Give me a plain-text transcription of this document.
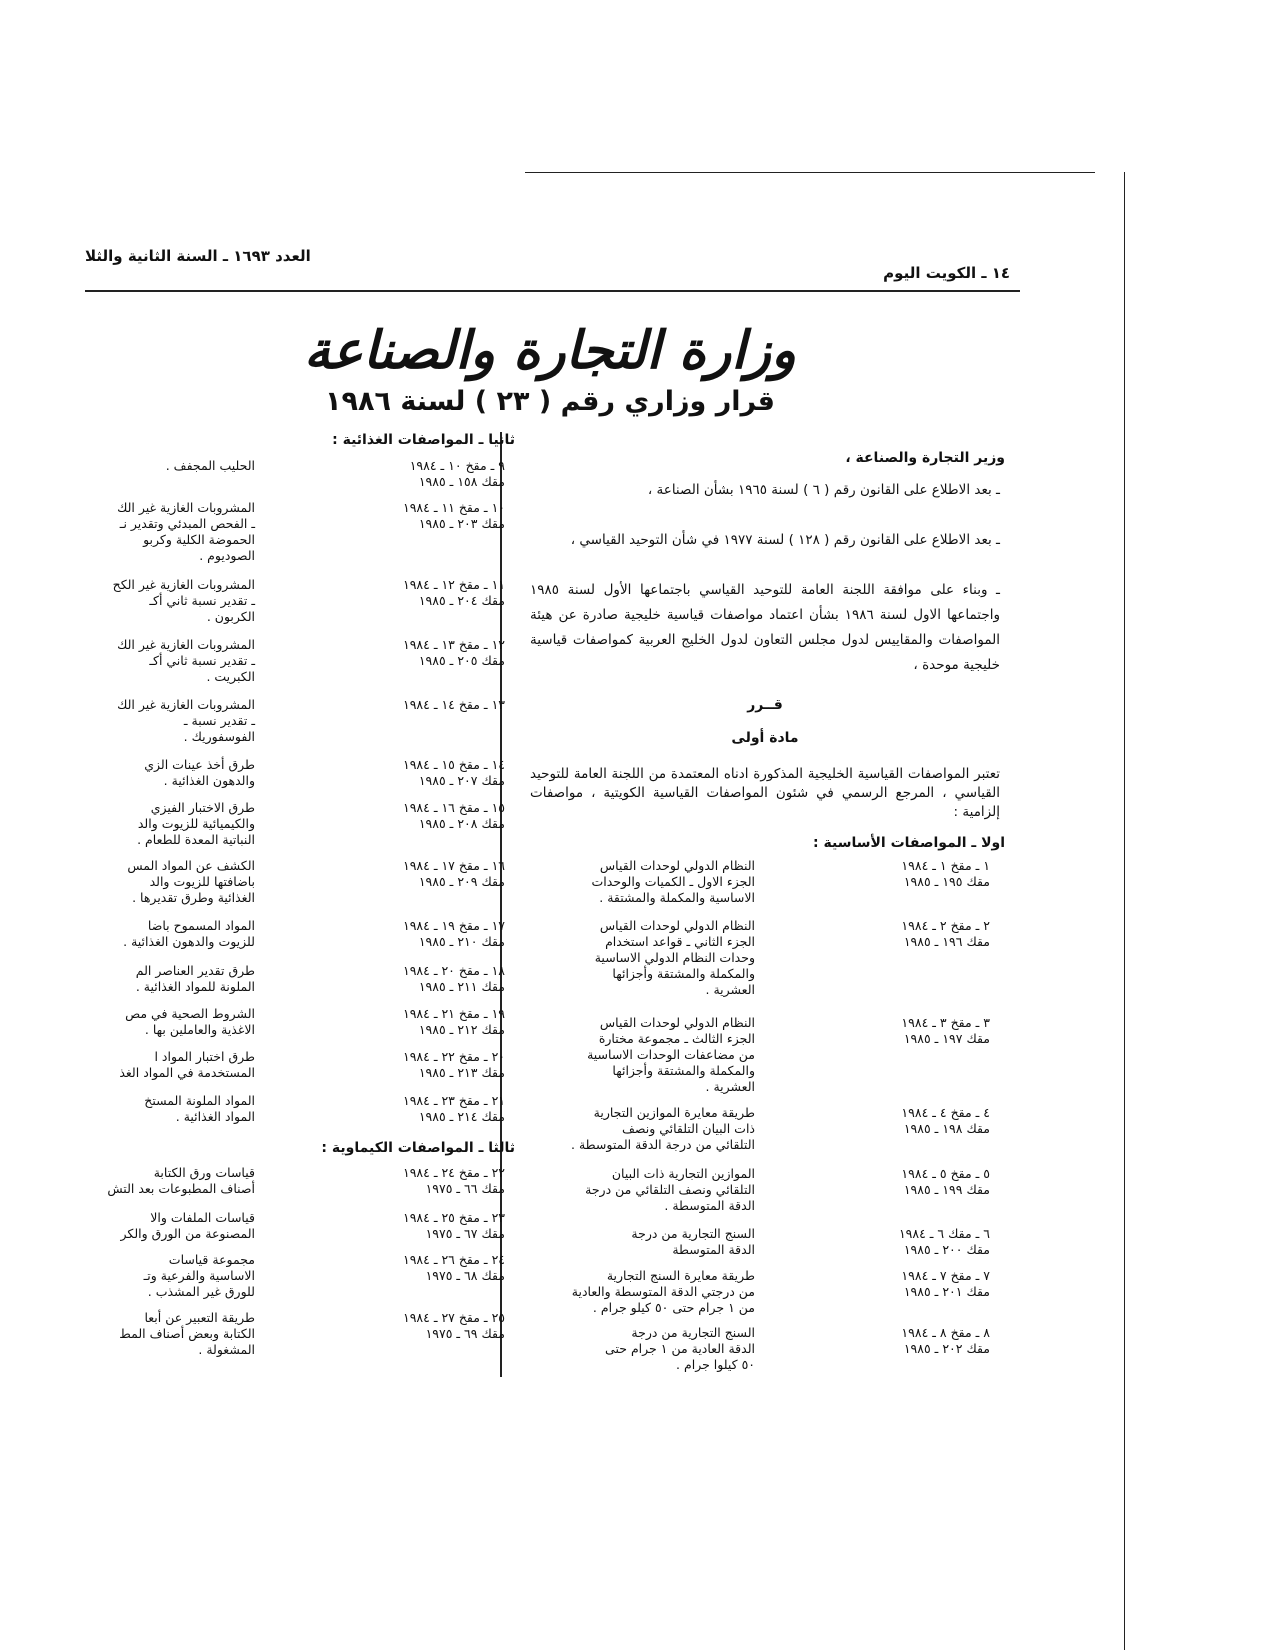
١٤ ـ الكويت اليوم
العدد ١٦٩٣ ـ السنة الثانية والثلا
وزارة التجارة والصناعة
قرار وزاري رقم ( ٢٣ ) لسنة ١٩٨٦
وزير التجارة والصناعة ،
ـ بعد الاطلاع على القانون رقم ( ٦ ) لسنة ١٩٦٥ بشأن الصناعة ،
ـ بعد الاطلاع على القانون رقم ( ١٢٨ ) لسنة ١٩٧٧ في شأن التوحيد القياسي ،
ـ وبناء على موافقة اللجنة العامة للتوحيد القياسي باجتماعها الأول لسنة ١٩٨٥ واجتماعها الاول لسنة ١٩٨٦ بشأن اعتماد مواصفات قياسية خليجية صادرة عن هيئة المواصفات والمقاييس لدول مجلس التعاون لدول الخليج العربية كمواصفات قياسية خليجية موحدة ،
قــرر
مادة أولى
تعتبر المواصفات القياسية الخليجية المذكورة ادناه المعتمدة من اللجنة العامة للتوحيد القياسي ، المرجع الرسمي في شئون المواصفات القياسية الكويتية ، مواصفات إلزامية :
اولا ـ المواصفات الأساسية :
١ ـ مقخ ١ ـ ١٩٨٤
مقك ١٩٥ ـ ١٩٨٥
النظام الدولي لوحدات القياس
الجزء الاول ـ الكميات والوحدات
الاساسية والمكملة والمشتقة .
٢ ـ مقخ ٢ ـ ١٩٨٤
مقك ١٩٦ ـ ١٩٨٥
النظام الدولي لوحدات القياس
الجزء الثاني ـ قواعد استخدام
وحدات النظام الدولي الاساسية
والمكملة والمشتقة وأجزائها
العشرية .
٣ ـ مقخ ٣ ـ ١٩٨٤
مقك ١٩٧ ـ ١٩٨٥
النظام الدولي لوحدات القياس
الجزء الثالث ـ مجموعة مختارة
من مضاعفات الوحدات الاساسية
والمكملة والمشتقة وأجزائها
العشرية .
٤ ـ مقخ ٤ ـ ١٩٨٤
مقك ١٩٨ ـ ١٩٨٥
طريقة معايرة الموازين التجارية
ذات البيان التلقائي ونصف
التلقائي من درجة الدقة المتوسطة .
٥ ـ مقخ ٥ ـ ١٩٨٤
مقك ١٩٩ ـ ١٩٨٥
الموازين التجارية ذات البيان
التلقائي ونصف التلقائي من درجة
الدقة المتوسطة .
٦ ـ مقك ٦ ـ ١٩٨٤
مقك ٢٠٠ ـ ١٩٨٥
السنج التجارية من درجة
الدقة المتوسطة
٧ ـ مقخ ٧ ـ ١٩٨٤
مقك ٢٠١ ـ ١٩٨٥
طريقة معايرة السنج التجارية
من درجتي الدقة المتوسطة والعادية
من ١ جرام حتى ٥٠ كيلو جرام .
٨ ـ مقخ ٨ ـ ١٩٨٤
مقك ٢٠٢ ـ ١٩٨٥
السنج التجارية من درجة
الدقة العادية من ١ جرام حتى
٥٠ كيلوا جرام .
ثانيا ـ المواصفات الغذائية :
٩ ـ مقخ ١٠ ـ ١٩٨٤
مقك ١٥٨ ـ ١٩٨٥
الحليب المجفف .
١٠ ـ مقخ ١١ ـ ١٩٨٤
مقك ٢٠٣ ـ ١٩٨٥
المشروبات الغازية غير الك
ـ الفحص المبدئي وتقدير نـ
الحموضة الكلية وكربو
الصوديوم .
١١ ـ مقخ ١٢ ـ ١٩٨٤
مقك ٢٠٤ ـ ١٩٨٥
المشروبات الغازية غير الكح
ـ تقدير نسبة ثاني أكـ
الكربون .
١٢ ـ مقخ ١٣ ـ ١٩٨٤
مقك ٢٠٥ ـ ١٩٨٥
المشروبات الغازية غير الك
ـ تقدير نسبة ثاني أكـ
الكبريت .
١٣ ـ مقخ ١٤ ـ ١٩٨٤
المشروبات الغازية غير الك
ـ تقدير نسبة ـ
الفوسفوريك .
١٤ ـ مقخ ١٥ ـ ١٩٨٤
مقك ٢٠٧ ـ ١٩٨٥
طرق أخذ عينات الزي
والدهون الغذائية .
١٥ ـ مقخ ١٦ ـ ١٩٨٤
مقك ٢٠٨ ـ ١٩٨٥
طرق الاختبار الفيزي
والكيميائية للزيوت والد
النباتية المعدة للطعام .
١٦ ـ مقخ ١٧ ـ ١٩٨٤
مقك ٢٠٩ ـ ١٩٨٥
الكشف عن المواد المس
باضافتها للزيوت والد
الغذائية وطرق تقديرها .
١٧ ـ مقخ ١٩ ـ ١٩٨٤
مقك ٢١٠ ـ ١٩٨٥
المواد المسموح باضا
للزيوت والدهون الغذائية .
١٨ ـ مقخ ٢٠ ـ ١٩٨٤
مقك ٢١١ ـ ١٩٨٥
طرق تقدير العناصر الم
الملونة للمواد الغذائية .
١٩ ـ مقخ ٢١ ـ ١٩٨٤
مقك ٢١٢ ـ ١٩٨٥
الشروط الصحية في مص
الاغذية والعاملين بها .
٢٠ ـ مقخ ٢٢ ـ ١٩٨٤
مقك ٢١٣ ـ ١٩٨٥
طرق اختبار المواد ا
المستخدمة في المواد الغذ
٢١ ـ مقخ ٢٣ ـ ١٩٨٤
مقك ٢١٤ ـ ١٩٨٥
المواد الملونة المستخ
المواد الغذائية .
ثالثا ـ المواصفات الكيماوية :
٢٢ ـ مقخ ٢٤ ـ ١٩٨٤
مقك ٦٦ ـ ١٩٧٥
قياسات ورق الكتابة
أصناف المطبوعات بعد التش
٢٣ ـ مقخ ٢٥ ـ ١٩٨٤
مقك ٦٧ ـ ١٩٧٥
قياسات الملفات والا
المصنوعة من الورق والكر
٢٤ ـ مقخ ٢٦ ـ ١٩٨٤
مقك ٦٨ ـ ١٩٧٥
مجموعة قياسات
الاساسية والفرعية وتـ
للورق غير المشذب .
٢٥ ـ مقخ ٢٧ ـ ١٩٨٤
مقك ٦٩ ـ ١٩٧٥
طريقة التعبير عن أبعا
الكتابة وبعض أصناف المط
المشغولة .
